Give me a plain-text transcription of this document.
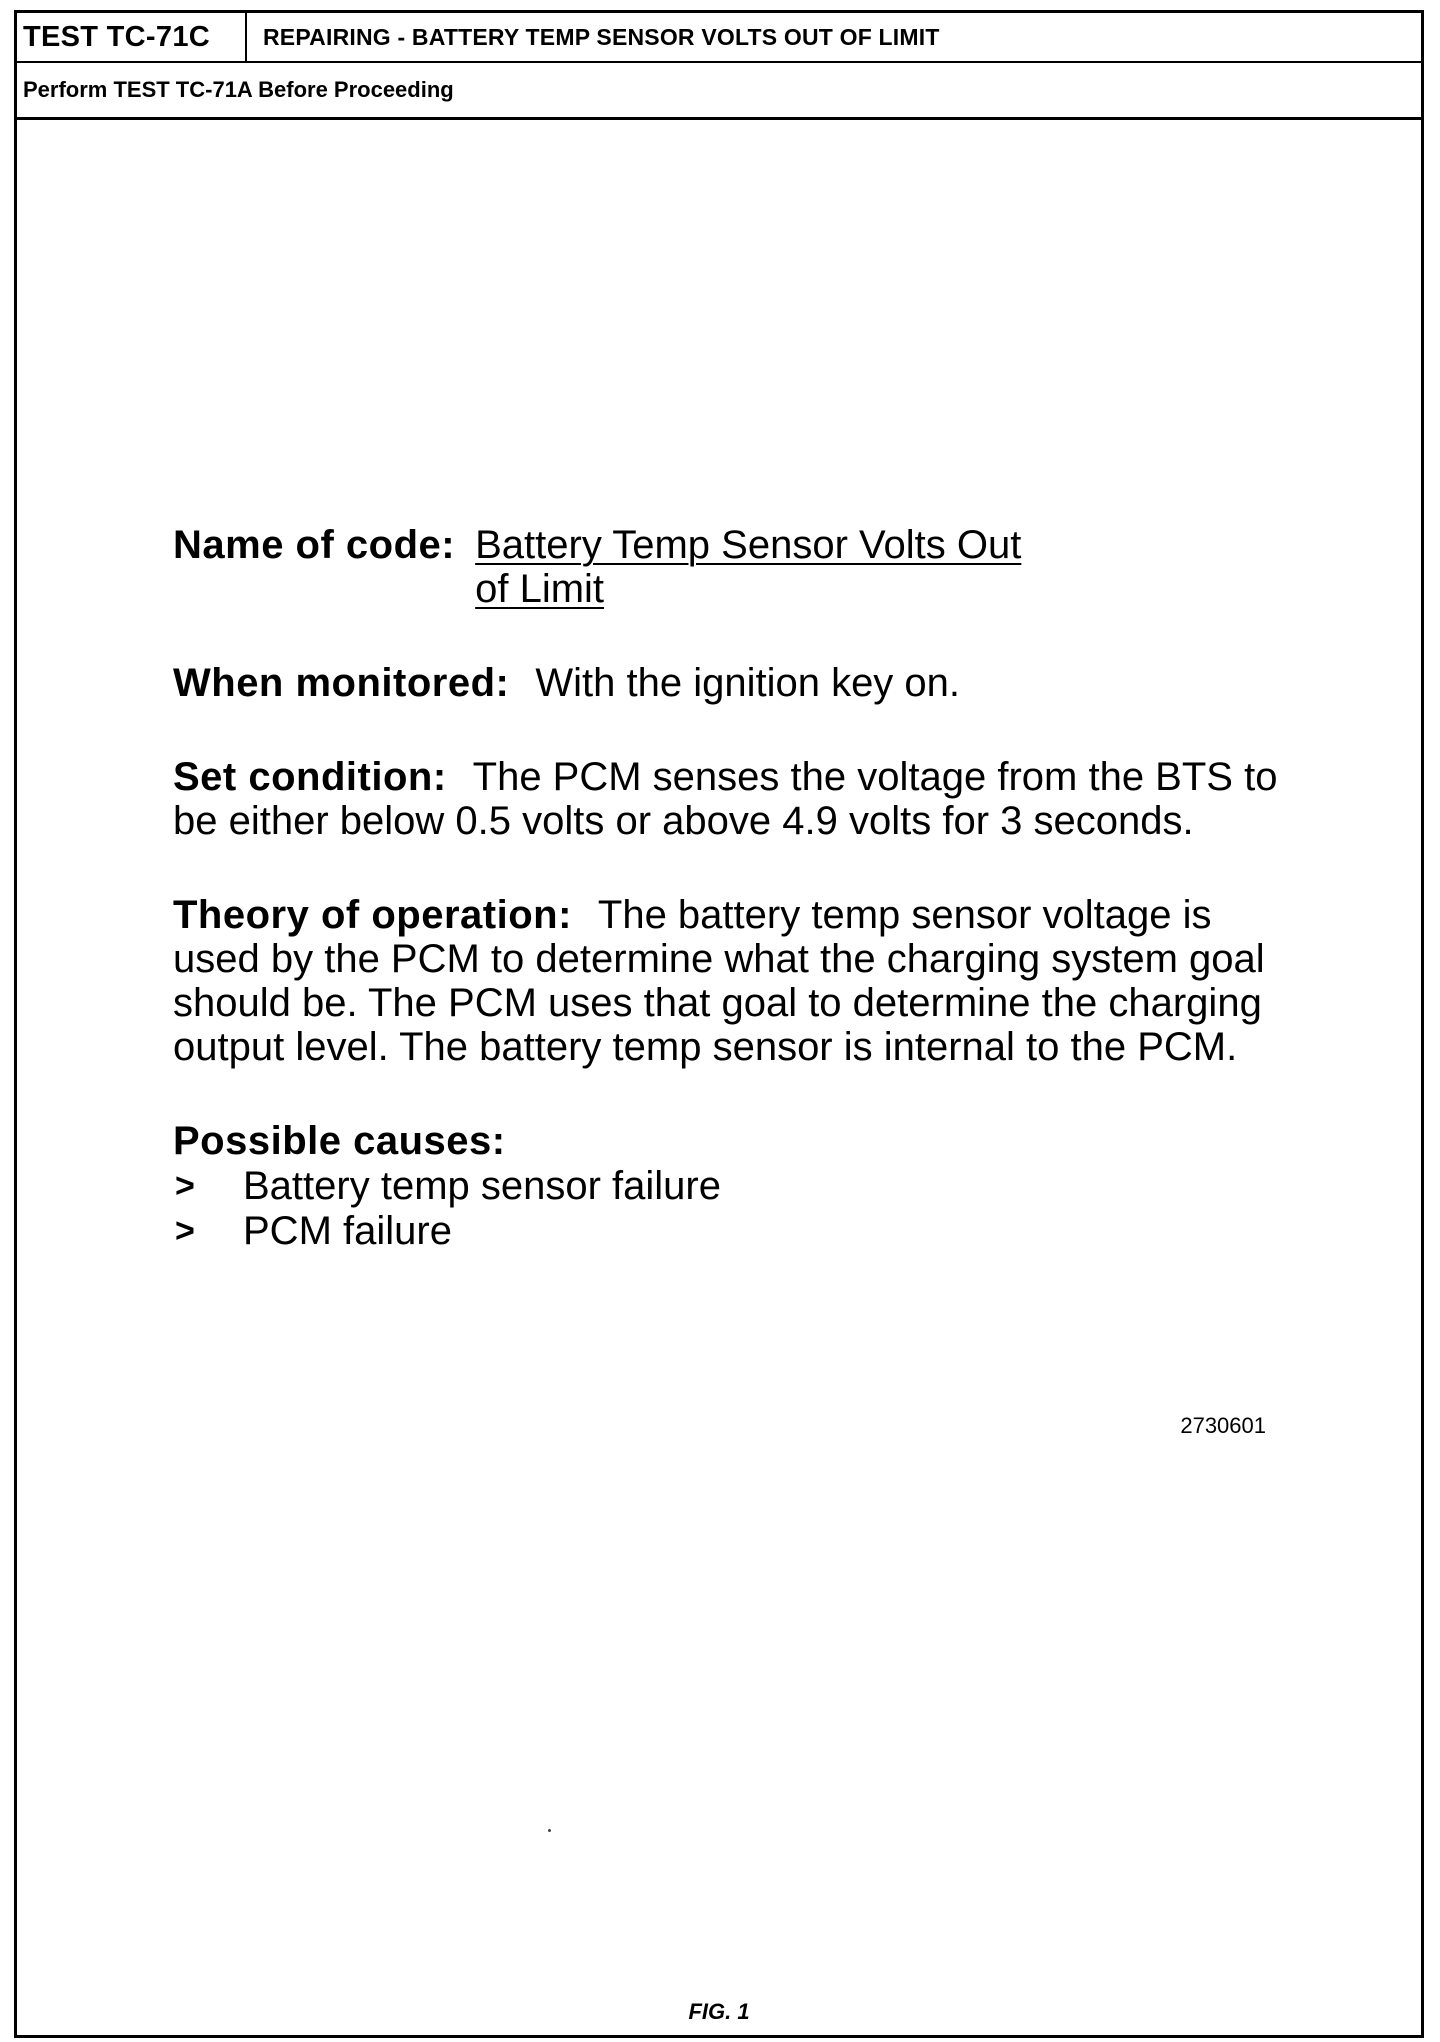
TEST TC-71C	REPAIRING - BATTERY TEMP SENSOR VOLTS OUT OF LIMIT
Perform TEST TC-71A Before Proceeding
Name of code: Battery Temp Sensor Volts Out
of Limit
When monitored: With the ignition key on.
Set condition: The PCM senses the voltage from the BTS to be either below 0.5 volts or above 4.9 volts for 3 seconds.
Theory of operation: The battery temp sensor voltage is used by the PCM to determine what the charging system goal should be. The PCM uses that goal to determine the charging output level. The battery temp sensor is internal to the PCM.
Possible causes:
>	Battery temp sensor failure
>	PCM failure
2730601
FIG. 1
